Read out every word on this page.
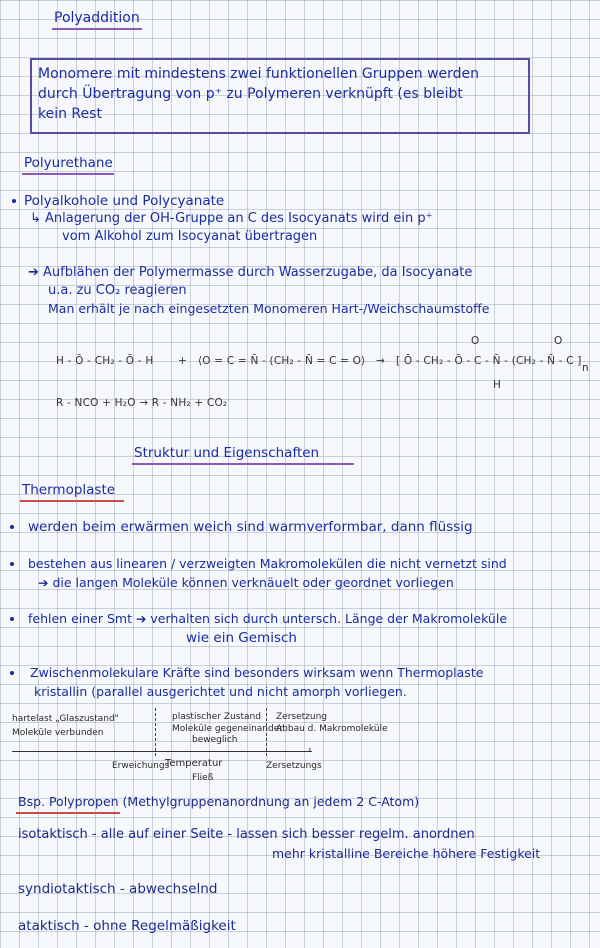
Polyaddition
Monomere mit mindestens zwei funktionellen Gruppen werden
durch Übertragung von p⁺ zu Polymeren verknüpft (es bleibt
kein Rest
Polyurethane
Polyalkohole und Polycyanate
↳ Anlagerung der OH-Gruppe an C des Isocyanats wird ein p⁺
vom Alkohol zum Isocyanat übertragen
➔ Aufblähen der Polymermasse durch Wasserzugabe, da Isocyanate
u.a. zu CO₂ reagieren
Man erhält je nach eingesetzten Monomeren Hart-/Weichschaumstoffe
H - Ō - CH₂ - Ō - H + ⟨O = C = N̄ - (CH₂ - N̄ = C = O⟩ → [ Ō - CH₂ - Ō - C - N̄ - (CH₂ - N̄ - C ]
n
O	O
H
R - NCO + H₂O → R - NH₂ + CO₂
Struktur und Eigenschaften
Thermoplaste
werden beim erwärmen weich sind warmverformbar, dann flüssig
bestehen aus linearen / verzweigten Makromolekülen die nicht vernetzt sind
➔ die langen Moleküle können verknäuelt oder geordnet vorliegen
fehlen einer Smt ➔ verhalten sich durch untersch. Länge der Makromoleküle
wie ein Gemisch
Zwischenmolekulare Kräfte sind besonders wirksam wenn Thermoplaste
kristallin (parallel ausgerichtet und nicht amorph vorliegen.
hartelast „Glaszustand"
Moleküle verbunden
plastischer Zustand
Moleküle gegeneinander
beweglich
Zersetzung
Abbau d. Makromoleküle
›
Erweichungs
Temperatur
Fließ
Zersetzungs
Bsp. Polypropen (Methylgruppenanordnung an jedem 2 C-Atom)
isotaktisch - alle auf einer Seite - lassen sich besser regelm. anordnen
mehr kristalline Bereiche höhere Festigkeit
syndiotaktisch - abwechselnd
ataktisch - ohne Regelmäßigkeit
